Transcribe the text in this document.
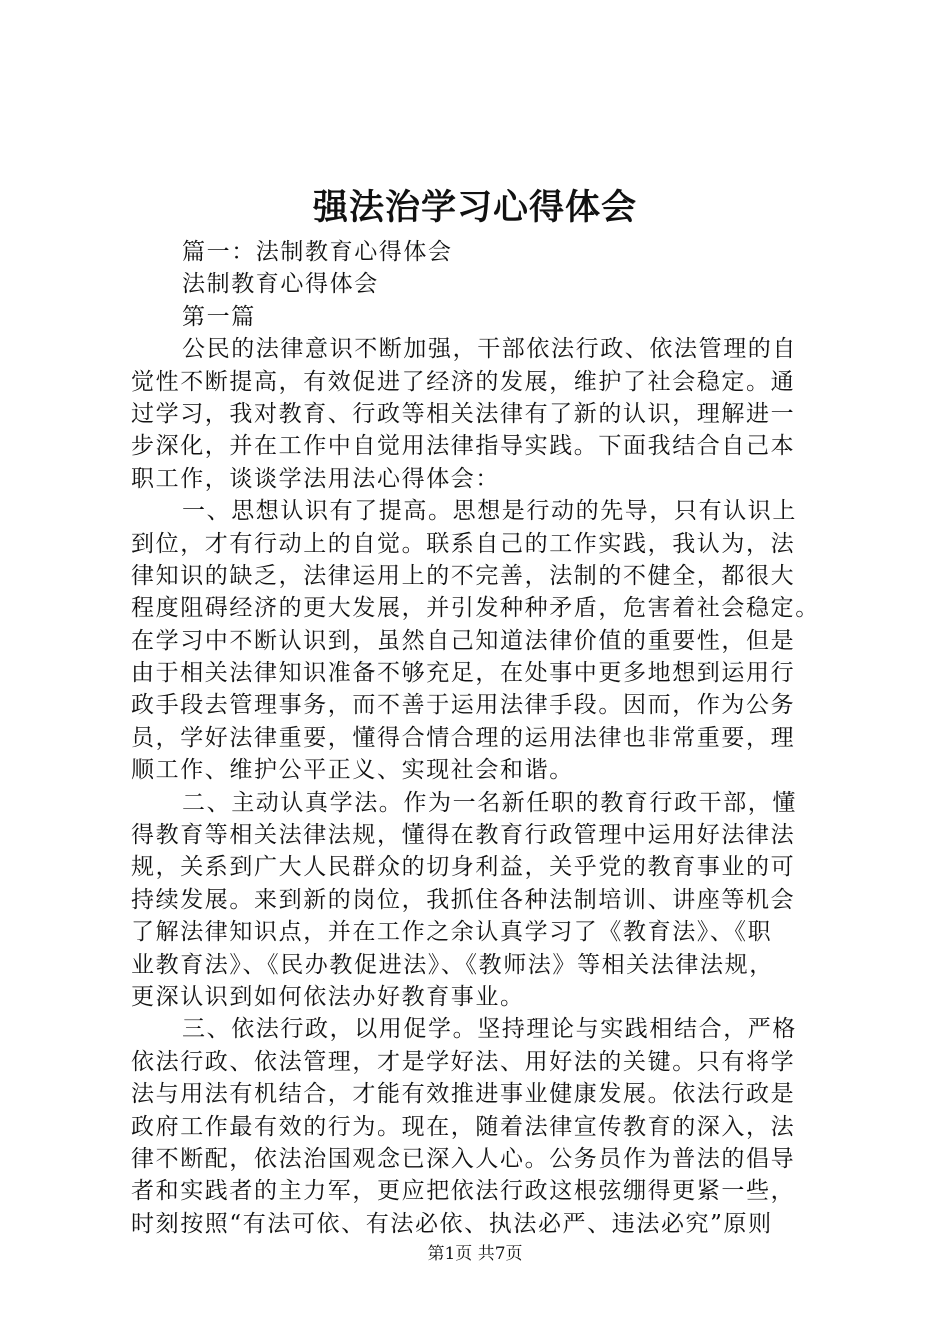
强法治学习心得体会
篇一：法制教育心得体会
法制教育心得体会
第一篇
公民的法律意识不断加强，干部依法行政、依法管理的自
觉性不断提高，有效促进了经济的发展，维护了社会稳定。通
过学习，我对教育、行政等相关法律有了新的认识，理解进一
步深化，并在工作中自觉用法律指导实践。下面我结合自己本
职工作，谈谈学法用法心得体会：
一、思想认识有了提高。思想是行动的先导，只有认识上
到位，才有行动上的自觉。联系自己的工作实践，我认为，法
律知识的缺乏，法律运用上的不完善，法制的不健全，都很大
程度阻碍经济的更大发展，并引发种种矛盾，危害着社会稳定。
在学习中不断认识到，虽然自己知道法律价值的重要性，但是
由于相关法律知识准备不够充足，在处事中更多地想到运用行
政手段去管理事务，而不善于运用法律手段。因而，作为公务
员，学好法律重要，懂得合情合理的运用法律也非常重要，理
顺工作、维护公平正义、实现社会和谐。
二、主动认真学法。作为一名新任职的教育行政干部，懂
得教育等相关法律法规，懂得在教育行政管理中运用好法律法
规，关系到广大人民群众的切身利益，关乎党的教育事业的可
持续发展。来到新的岗位，我抓住各种法制培训、讲座等机会
了解法律知识点，并在工作之余认真学习了《教育法》、《职
业教育法》、《民办教促进法》、《教师法》等相关法律法规，
更深认识到如何依法办好教育事业。
三、依法行政，以用促学。坚持理论与实践相结合，严格
依法行政、依法管理，才是学好法、用好法的关键。只有将学
法与用法有机结合，才能有效推进事业健康发展。依法行政是
政府工作最有效的行为。现在，随着法律宣传教育的深入，法
律不断配，依法治国观念已深入人心。公务员作为普法的倡导
者和实践者的主力军，更应把依法行政这根弦绷得更紧一些，
时刻按照“有法可依、有法必依、执法必严、违法必究”原则
第1页 共7页
